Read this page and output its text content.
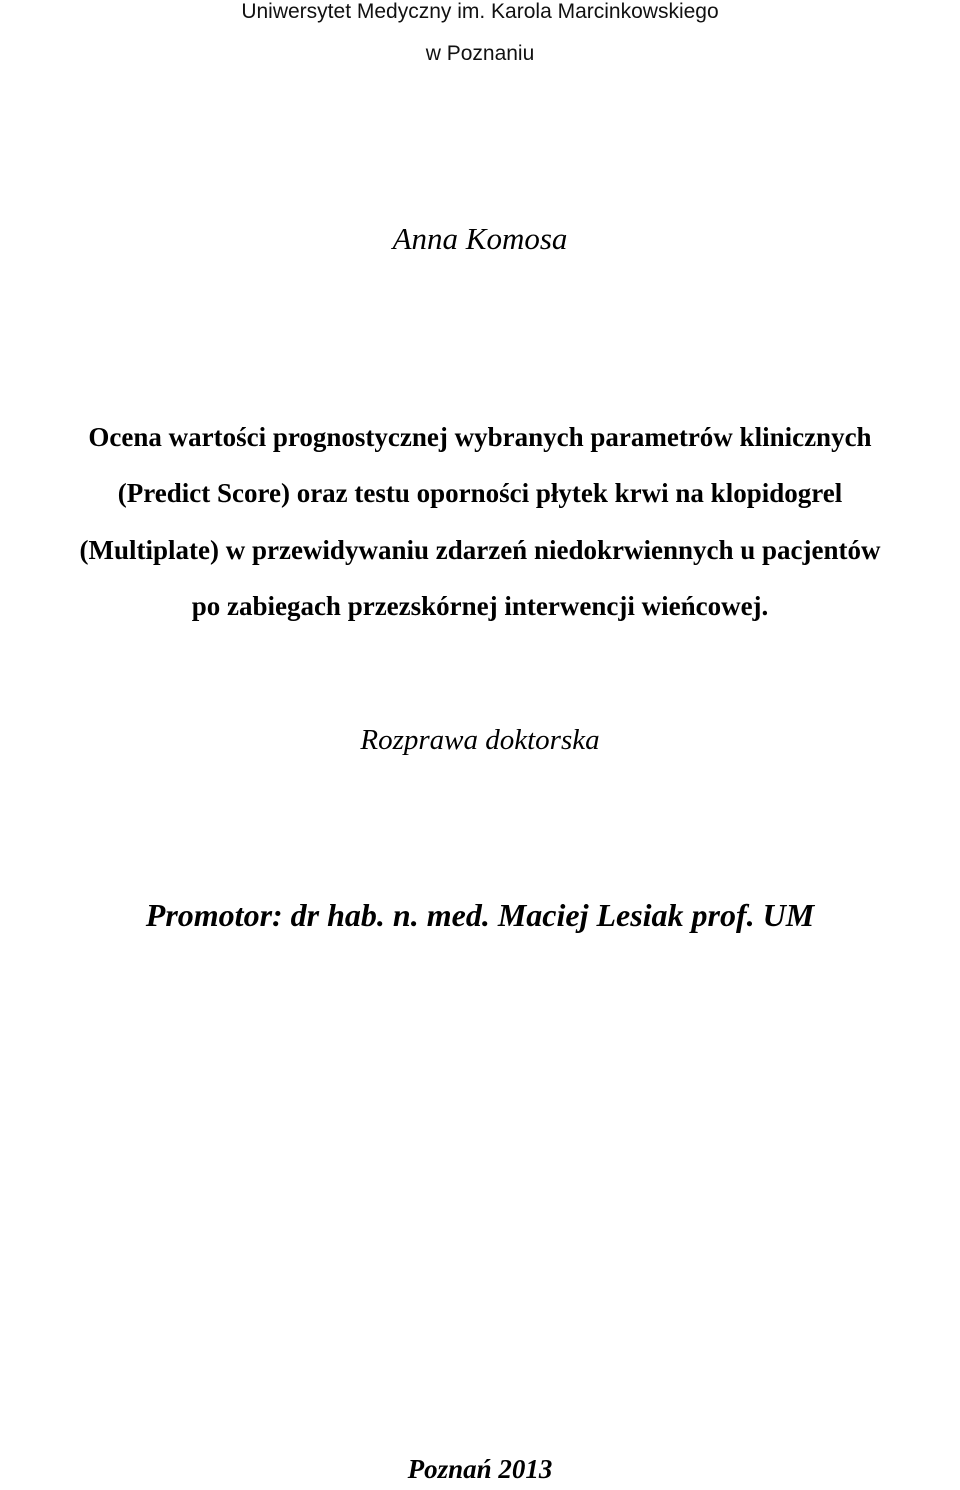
Uniwersytet Medyczny im. Karola Marcinkowskiego
w Poznaniu
Anna Komosa
Ocena wartości prognostycznej wybranych parametrów klinicznych
(Predict Score) oraz testu oporności płytek krwi na klopidogrel
(Multiplate) w przewidywaniu zdarzeń niedokrwiennych u pacjentów
po zabiegach przezskórnej interwencji wieńcowej.
Rozprawa doktorska
Promotor: dr hab. n. med. Maciej Lesiak prof. UM
Poznań 2013
